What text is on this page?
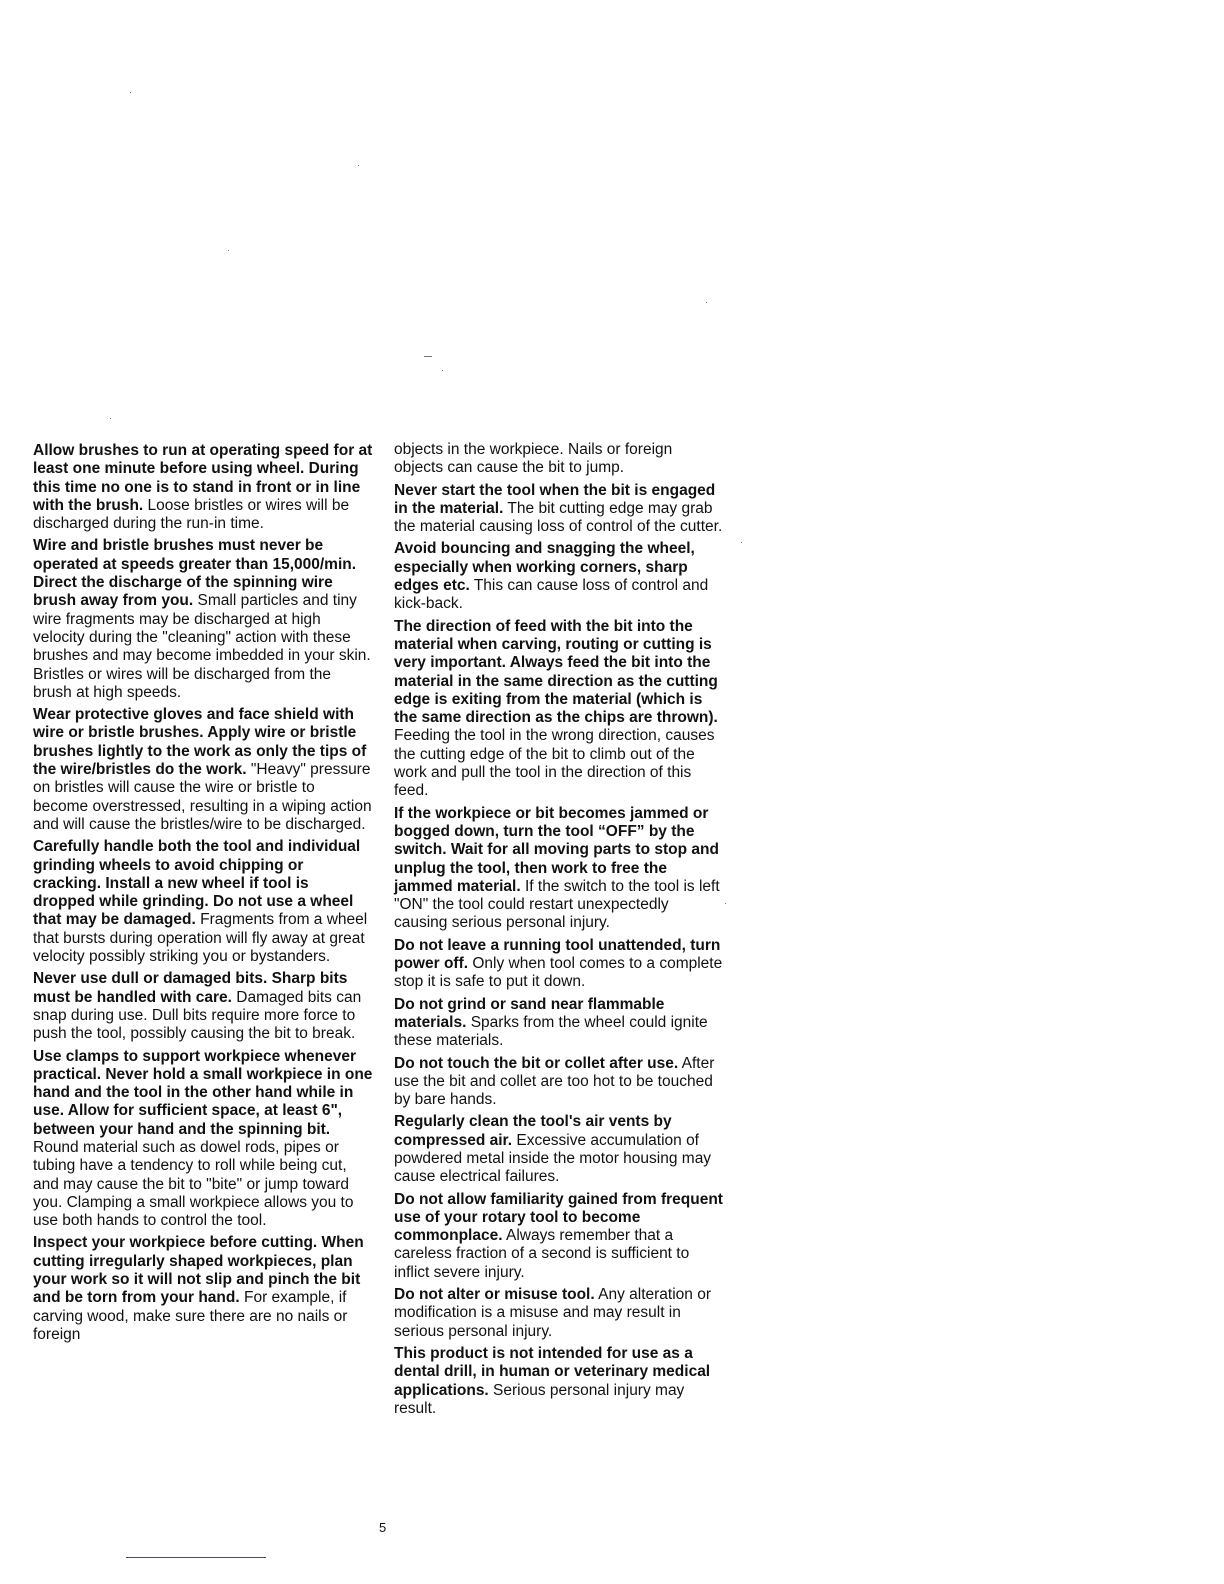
Allow brushes to run at operating speed for at least one minute before using wheel. During this time no one is to stand in front or in line with the brush. Loose bristles or wires will be discharged during the run-in time.

Wire and bristle brushes must never be operated at speeds greater than 15,000/min. Direct the discharge of the spinning wire brush away from you. Small particles and tiny wire fragments may be discharged at high velocity during the "cleaning" action with these brushes and may become imbedded in your skin. Bristles or wires will be discharged from the brush at high speeds.

Wear protective gloves and face shield with wire or bristle brushes. Apply wire or bristle brushes lightly to the work as only the tips of the wire/bristles do the work. "Heavy" pressure on bristles will cause the wire or bristle to become overstressed, resulting in a wiping action and will cause the bristles/wire to be discharged.

Carefully handle both the tool and individual grinding wheels to avoid chipping or cracking. Install a new wheel if tool is dropped while grinding. Do not use a wheel that may be damaged. Fragments from a wheel that bursts during operation will fly away at great velocity possibly striking you or bystanders.

Never use dull or damaged bits. Sharp bits must be handled with care. Damaged bits can snap during use. Dull bits require more force to push the tool, possibly causing the bit to break.

Use clamps to support workpiece whenever practical. Never hold a small workpiece in one hand and the tool in the other hand while in use. Allow for sufficient space, at least 6", between your hand and the spinning bit. Round material such as dowel rods, pipes or tubing have a tendency to roll while being cut, and may cause the bit to "bite" or jump toward you. Clamping a small workpiece allows you to use both hands to control the tool.

Inspect your workpiece before cutting. When cutting irregularly shaped workpieces, plan your work so it will not slip and pinch the bit and be torn from your hand. For example, if carving wood, make sure there are no nails or foreign

objects in the workpiece. Nails or foreign objects can cause the bit to jump.

Never start the tool when the bit is engaged in the material. The bit cutting edge may grab the material causing loss of control of the cutter.

Avoid bouncing and snagging the wheel, especially when working corners, sharp edges etc. This can cause loss of control and kick-back.

The direction of feed with the bit into the material when carving, routing or cutting is very important. Always feed the bit into the material in the same direction as the cutting edge is exiting from the material (which is the same direction as the chips are thrown). Feeding the tool in the wrong direction, causes the cutting edge of the bit to climb out of the work and pull the tool in the direction of this feed.

If the workpiece or bit becomes jammed or bogged down, turn the tool “OFF” by the switch. Wait for all moving parts to stop and unplug the tool, then work to free the jammed material. If the switch to the tool is left "ON" the tool could restart unexpectedly causing serious personal injury.

Do not leave a running tool unattended, turn power off. Only when tool comes to a complete stop it is safe to put it down.

Do not grind or sand near flammable materials. Sparks from the wheel could ignite these materials.

Do not touch the bit or collet after use. After use the bit and collet are too hot to be touched by bare hands.

Regularly clean the tool's air vents by compressed air. Excessive accumulation of powdered metal inside the motor housing may cause electrical failures.

Do not allow familiarity gained from frequent use of your rotary tool to become commonplace. Always remember that a careless fraction of a second is sufficient to inflict severe injury.

Do not alter or misuse tool. Any alteration or modification is a misuse and may result in serious personal injury.

This product is not intended for use as a dental drill, in human or veterinary medical applications. Serious personal injury may result.

5
